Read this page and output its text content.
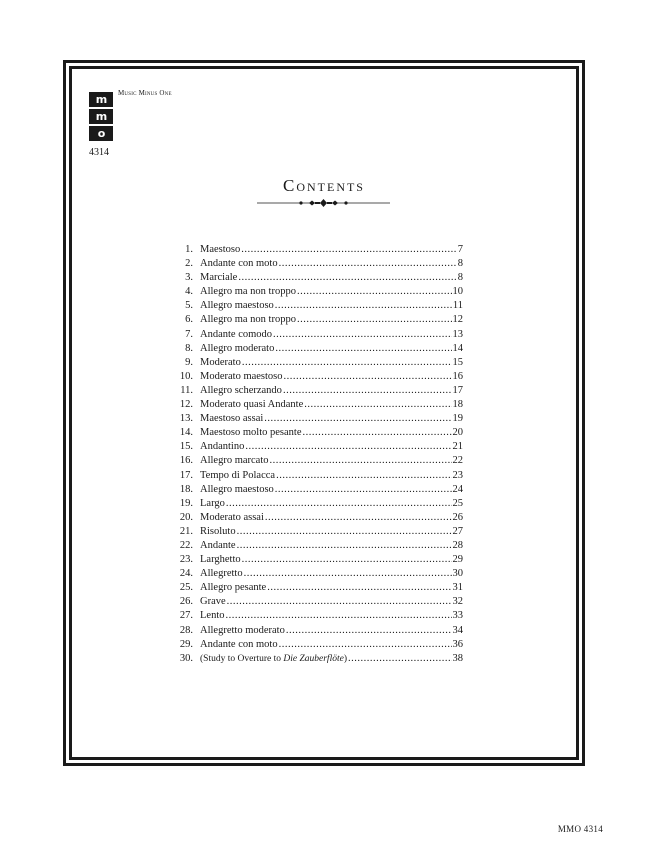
m
m
o
4314
Music Minus One
Contents
1. Maestoso .....	7
2. Andante con moto .....	8
3. Marciale .....	8
4. Allegro ma non troppo .....	10
5. Allegro maestoso .....	11
6. Allegro ma non troppo .....	12
7. Andante comodo .....	13
8. Allegro moderato .....	14
9. Moderato .....	15
10. Moderato maestoso .....	16
11. Allegro scherzando .....	17
12. Moderato quasi Andante .....	18
13. Maestoso assai .....	19
14. Maestoso molto pesante .....	20
15. Andantino .....	21
16. Allegro marcato .....	22
17. Tempo di Polacca .....	23
18. Allegro maestoso .....	24
19. Largo .....	25
20. Moderato assai .....	26
21. Risoluto .....	27
22. Andante .....	28
23. Larghetto .....	29
24. Allegretto .....	30
25. Allegro pesante .....	31
26. Grave .....	32
27. Lento .....	33
28. Allegretto moderato .....	34
29. Andante con moto .....	36
30. (Study to Overture to Die Zauberflöte) .....	38
MMO 4314
